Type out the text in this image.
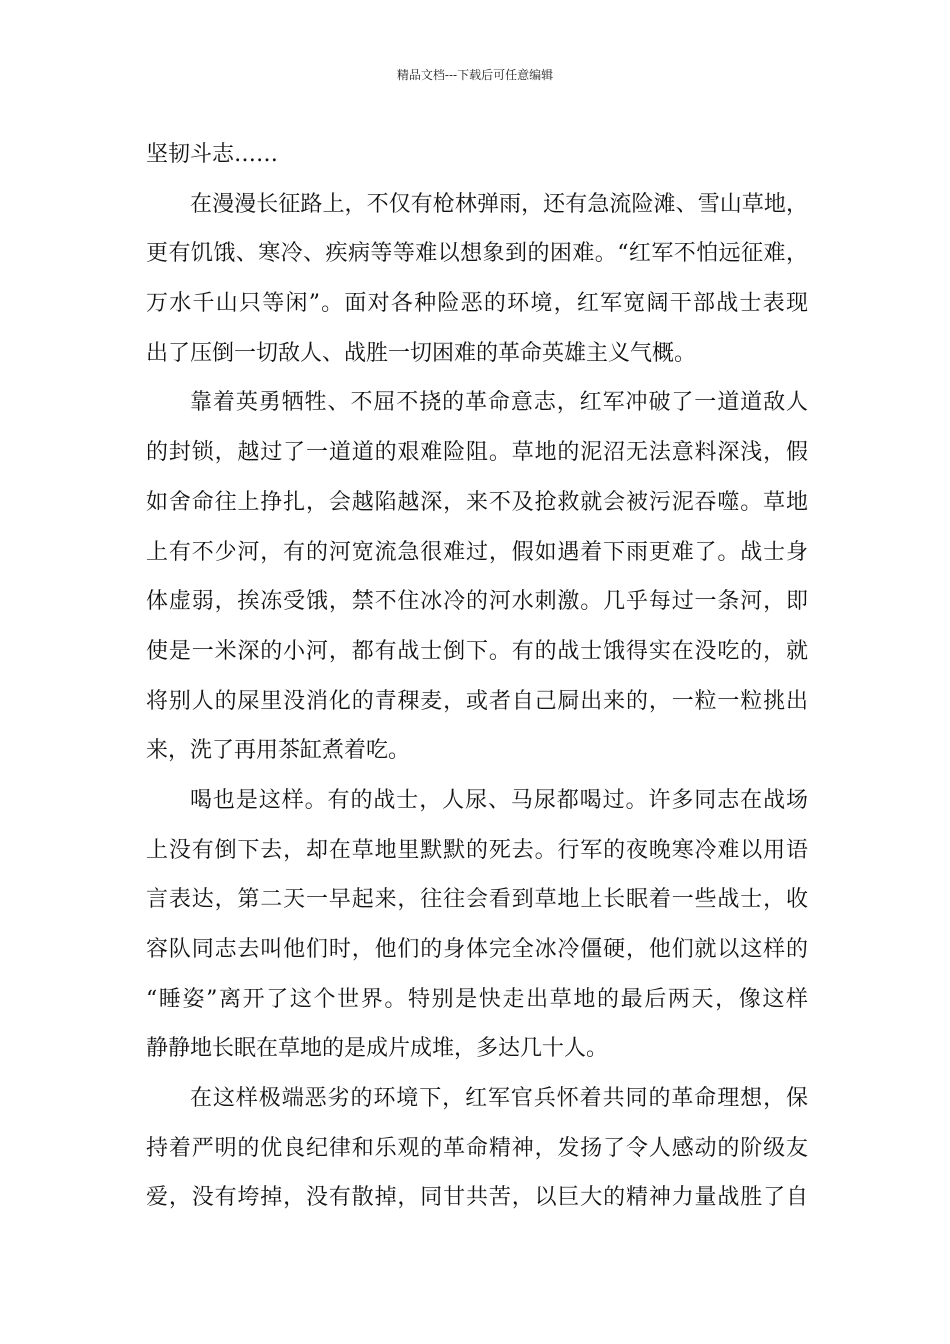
精品文档---下载后可任意编辑
坚韧斗志……
在漫漫长征路上，不仅有枪林弹雨，还有急流险滩、雪山草地，
更有饥饿、寒冷、疾病等等难以想象到的困难。“红军不怕远征难，
万水千山只等闲”。面对各种险恶的环境，红军宽阔干部战士表现
出了压倒一切敌人、战胜一切困难的革命英雄主义气概。
靠着英勇牺牲、不屈不挠的革命意志，红军冲破了一道道敌人
的封锁，越过了一道道的艰难险阻。草地的泥沼无法意料深浅，假
如舍命往上挣扎，会越陷越深，来不及抢救就会被污泥吞噬。草地
上有不少河，有的河宽流急很难过，假如遇着下雨更难了。战士身
体虚弱，挨冻受饿，禁不住冰冷的河水刺激。几乎每过一条河，即
使是一米深的小河，都有战士倒下。有的战士饿得实在没吃的，就
将别人的屎里没消化的青稞麦，或者自己屙出来的，一粒一粒挑出
来，洗了再用茶缸煮着吃。
喝也是这样。有的战士，人尿、马尿都喝过。许多同志在战场
上没有倒下去，却在草地里默默的死去。行军的夜晚寒冷难以用语
言表达，第二天一早起来，往往会看到草地上长眠着一些战士，收
容队同志去叫他们时，他们的身体完全冰冷僵硬，他们就以这样的
“睡姿”离开了这个世界。特别是快走出草地的最后两天，像这样
静静地长眠在草地的是成片成堆，多达几十人。
在这样极端恶劣的环境下，红军官兵怀着共同的革命理想，保
持着严明的优良纪律和乐观的革命精神，发扬了令人感动的阶级友
爱，没有垮掉，没有散掉，同甘共苦，以巨大的精神力量战胜了自
